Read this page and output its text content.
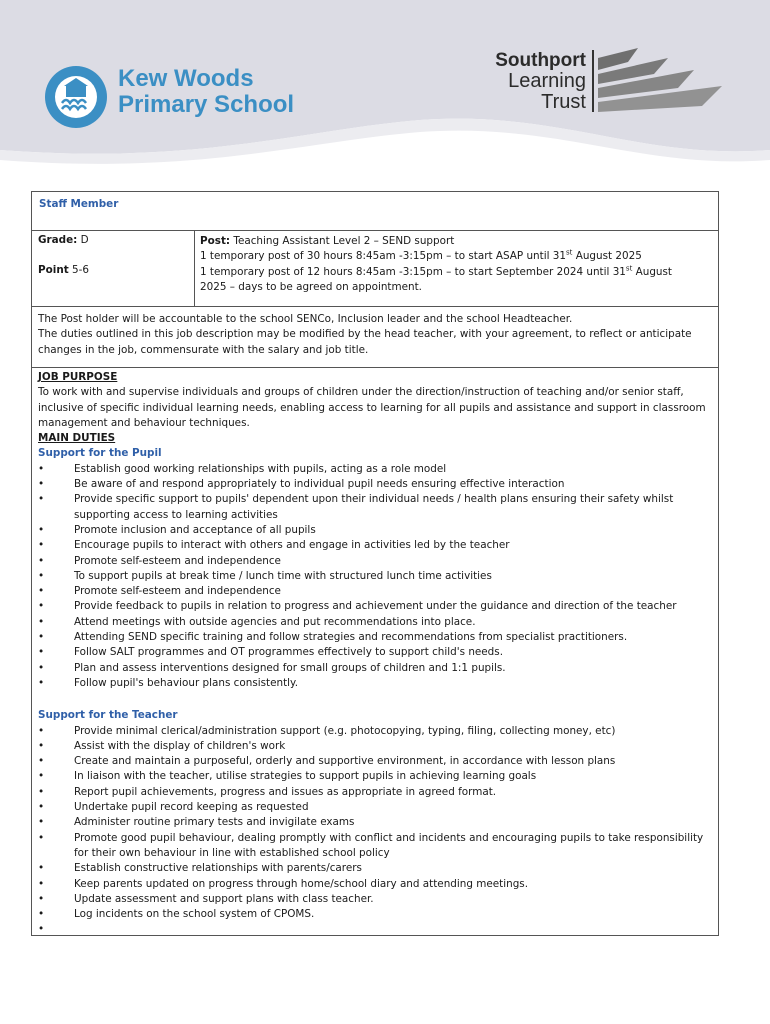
Kew Woods
Primary School
Southport
Learning
Trust
Staff Member
Grade: D
Point 5-6
Post: Teaching Assistant Level 2 – SEND support
1 temporary post of 30 hours 8:45am -3:15pm – to start ASAP until 31st August 2025
1 temporary post of 12 hours 8:45am -3:15pm – to start September 2024 until 31st August
2025 – days to be agreed on appointment.
The Post holder will be accountable to the school SENCo, Inclusion leader and the school Headteacher.
The duties outlined in this job description may be modified by the head teacher, with your agreement, to reflect or anticipate changes in the job, commensurate with the salary and job title.
JOB PURPOSE
To work with and supervise individuals and groups of children under the direction/instruction of teaching and/or senior staff, inclusive of specific individual learning needs, enabling access to learning for all pupils and assistance and support in classroom management and behaviour techniques.
MAIN DUTIES
Support for the Pupil
•	Establish good working relationships with pupils, acting as a role model
•	Be aware of and respond appropriately to individual pupil needs ensuring effective interaction
•	Provide specific support to pupils' dependent upon their individual needs / health plans ensuring their safety whilst supporting access to learning activities
•	Promote inclusion and acceptance of all pupils
•	Encourage pupils to interact with others and engage in activities led by the teacher
•	Promote self-esteem and independence
•	To support pupils at break time / lunch time with structured lunch time activities
•	Promote self-esteem and independence
•	Provide feedback to pupils in relation to progress and achievement under the guidance and direction of the teacher
•	Attend meetings with outside agencies and put recommendations into place.
•	Attending SEND specific training and follow strategies and recommendations from specialist practitioners.
•	Follow SALT programmes and OT programmes effectively to support child's needs.
•	Plan and assess interventions designed for small groups of children and 1:1 pupils.
•	Follow pupil's behaviour plans consistently.
Support for the Teacher
•	Provide minimal clerical/administration support (e.g. photocopying, typing, filing, collecting money, etc)
•	Assist with the display of children's work
•	Create and maintain a purposeful, orderly and supportive environment, in accordance with lesson plans
•	In liaison with the teacher, utilise strategies to support pupils in achieving learning goals
•	Report pupil achievements, progress and issues as appropriate in agreed format.
•	Undertake pupil record keeping as requested
•	Administer routine primary tests and invigilate exams
•	Promote good pupil behaviour, dealing promptly with conflict and incidents and encouraging pupils to take responsibility for their own behaviour in line with established school policy
•	Establish constructive relationships with parents/carers
•	Keep parents updated on progress through home/school diary and attending meetings.
•	Update assessment and support plans with class teacher.
•	Log incidents on the school system of CPOMS.
•
